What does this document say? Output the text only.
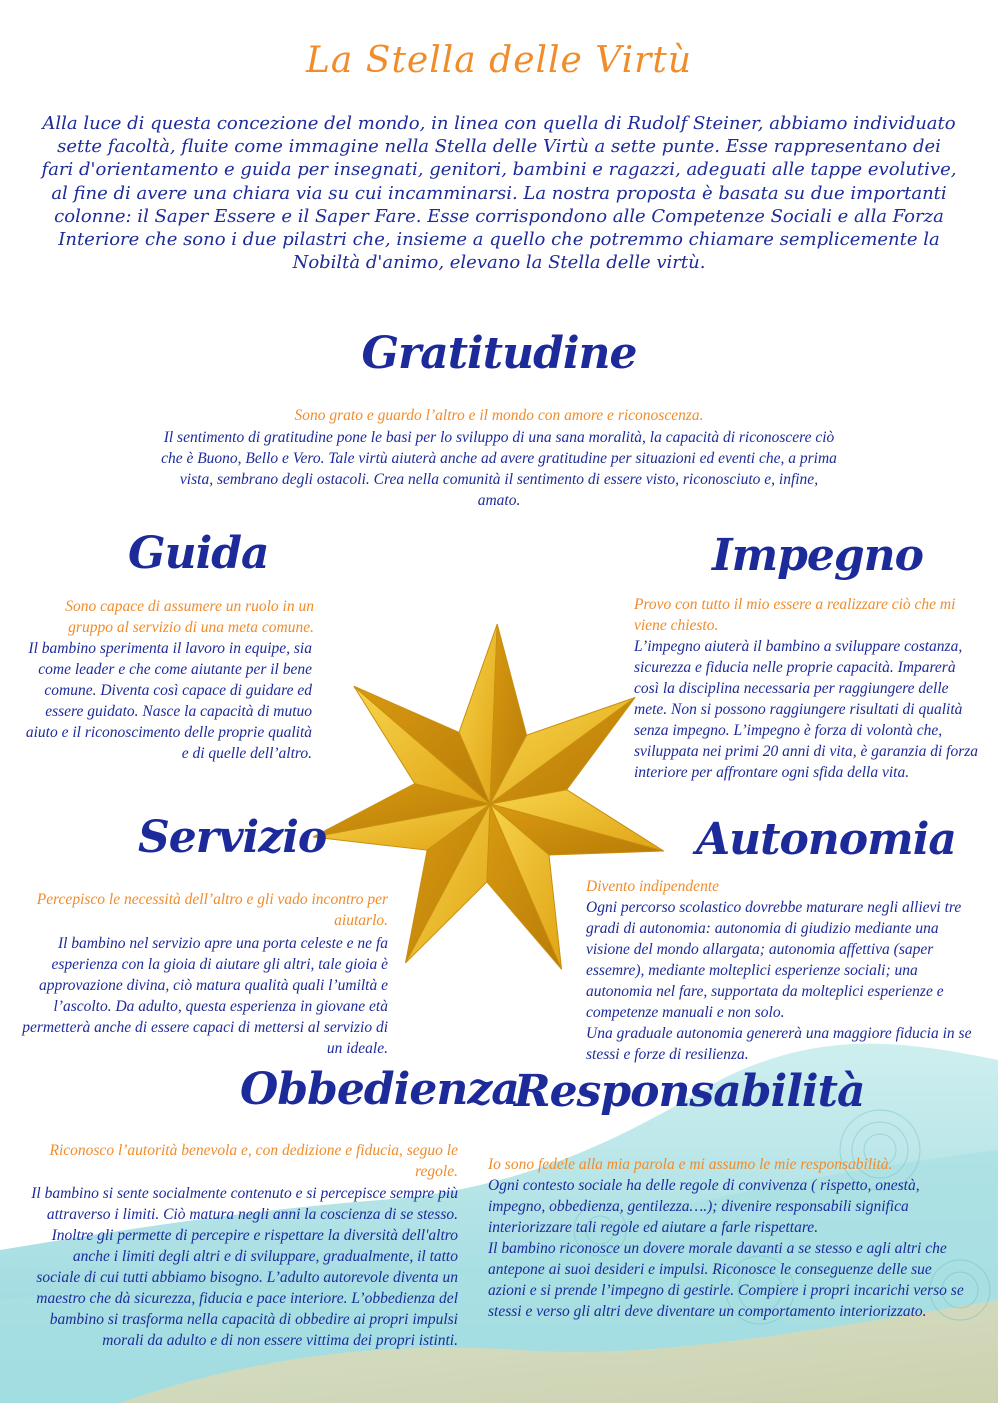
La Stella delle Virtù
Alla luce di questa concezione del mondo, in linea con quella di Rudolf Steiner, abbiamo individuato sette facoltà, fluite come immagine nella Stella delle Virtù a sette punte. Esse rappresentano dei fari d'orientamento e guida per insegnati, genitori, bambini e ragazzi, adeguati alle tappe evolutive, al fine di avere una chiara via su cui incamminarsi. La nostra proposta è basata su due importanti colonne: il Saper Essere e il Saper Fare. Esse corrispondono alle Competenze Sociali e alla Forza Interiore che sono i due pilastri che, insieme a quello che potremmo chiamare semplicemente la Nobiltà d'animo, elevano la Stella delle virtù.
Gratitudine
Sono grato e guardo l’altro e il mondo con amore e riconoscenza.
Il sentimento di gratitudine pone le basi per lo sviluppo di una sana moralità, la capacità di riconoscere ciò che è Buono, Bello e Vero. Tale virtù aiuterà anche ad avere gratitudine per situazioni ed eventi che, a prima vista, sembrano degli ostacoli. Crea nella comunità il sentimento di essere visto, riconosciuto e, infine, amato.
Guida
Sono capace di assumere un ruolo in un gruppo al servizio di una meta comune.
Il bambino sperimenta il lavoro in equipe, sia come leader e che come aiutante per il bene comune. Diventa così capace di guidare ed essere guidato. Nasce la capacità di mutuo aiuto e il riconoscimento delle proprie qualità e di quelle dell’altro.
Impegno
Provo con tutto il mio essere a realizzare ciò che mi viene chiesto.
L’impegno aiuterà il bambino a sviluppare costanza, sicurezza e fiducia nelle proprie capacità. Imparerà così la disciplina necessaria per raggiungere delle mete. Non si possono raggiungere risultati di qualità senza impegno. L’impegno è forza di volontà che, sviluppata nei primi 20 anni di vita, è garanzia di forza interiore per affrontare ogni sfida della vita.
Servizio
Percepisco le necessità dell’altro e gli vado incontro per aiutarlo.
Il bambino nel servizio apre una porta celeste e ne fa esperienza con la gioia di aiutare gli altri, tale gioia è approvazione divina, ciò matura qualità quali l’umiltà e l’ascolto. Da adulto, questa esperienza in giovane età permetterà anche di essere capaci di mettersi al servizio di un ideale.
Autonomia
Divento indipendente
Ogni percorso scolastico dovrebbe maturare negli allievi tre gradi di autonomia: autonomia di giudizio mediante una visione del mondo allargata; autonomia affettiva (saper essemre), mediante molteplici esperienze sociali; una autonomia nel fare, supportata da molteplici esperienze e competenze manuali e non solo.
Una graduale autonomia genererà una maggiore fiducia in se stessi e forze di resilienza.
Obbedienza
Riconosco l’autorità benevola e, con dedizione e fiducia, seguo le regole.
Il bambino si sente socialmente contenuto e si percepisce sempre più attraverso i limiti. Ciò matura negli anni la coscienza di se stesso. Inoltre gli permette di percepire e rispettare la diversità dell'altro anche i limiti degli altri e di sviluppare, gradualmente, il tatto sociale di cui tutti abbiamo bisogno. L’adulto autorevole diventa un maestro che dà sicurezza, fiducia e pace interiore. L’obbedienza del bambino si trasforma nella capacità di obbedire ai propri impulsi morali da adulto e di non essere vittima dei propri istinti.
Responsabilità
Io sono fedele alla mia parola e mi assumo le mie responsabilità.
Ogni contesto sociale ha delle regole di convivenza ( rispetto, onestà, impegno, obbedienza, gentilezza….); divenire responsabili significa interiorizzare tali regole ed aiutare a farle rispettare.
Il bambino riconosce un dovere morale davanti a se stesso e agli altri che antepone ai suoi desideri e impulsi. Riconosce le conseguenze delle sue azioni e si prende l’impegno di gestirle. Compiere i propri incarichi verso se stessi e verso gli altri deve diventare un comportamento interiorizzato.
